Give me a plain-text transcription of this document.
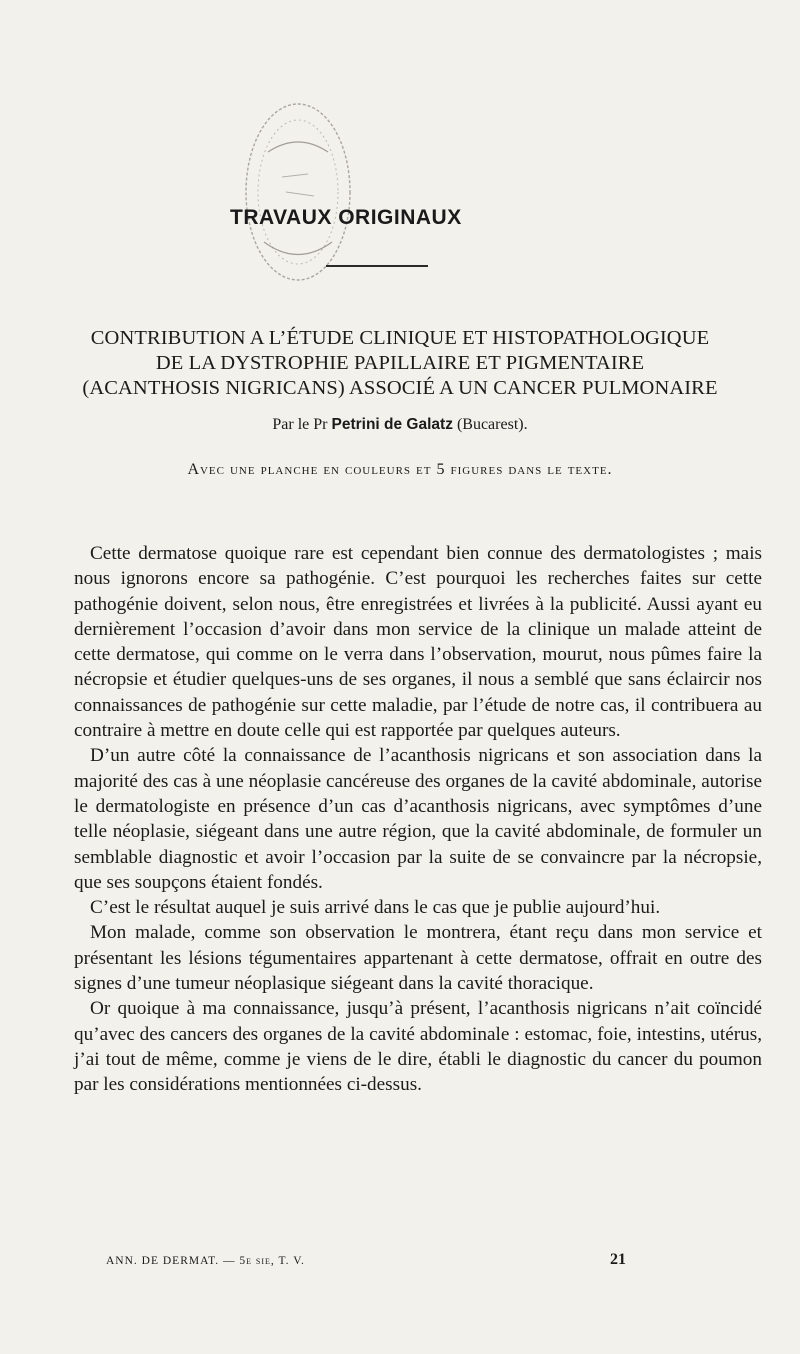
TRAVAUX ORIGINAUX
CONTRIBUTION A L’ÉTUDE CLINIQUE ET HISTOPATHOLOGIQUE
DE LA DYSTROPHIE PAPILLAIRE ET PIGMENTAIRE
(ACANTHOSIS NIGRICANS) ASSOCIÉ A UN CANCER PULMONAIRE
Par le Pr Petrini de Galatz (Bucarest).
Avec une planche en couleurs et 5 figures dans le texte.

Cette dermatose quoique rare est cependant bien connue des dermatologistes ; mais nous ignorons encore sa pathogénie. C’est pourquoi les recherches faites sur cette pathogénie doivent, selon nous, être enregistrées et livrées à la publicité. Aussi ayant eu dernièrement l’occasion d’avoir dans mon service de la clinique un malade atteint de cette dermatose, qui comme on le verra dans l’observation, mourut, nous pûmes faire la nécropsie et étudier quelques-uns de ses organes, il nous a semblé que sans éclaircir nos connaissances de pathogénie sur cette maladie, par l’étude de notre cas, il contribuera au contraire à mettre en doute celle qui est rapportée par quelques auteurs.

D’un autre côté la connaissance de l’acanthosis nigricans et son association dans la majorité des cas à une néoplasie cancéreuse des organes de la cavité abdominale, autorise le dermatologiste en présence d’un cas d’acanthosis nigricans, avec symptômes d’une telle néoplasie, siégeant dans une autre région, que la cavité abdominale, de formuler un semblable diagnostic et avoir l’occasion par la suite de se convaincre par la nécropsie, que ses soupçons étaient fondés.

C’est le résultat auquel je suis arrivé dans le cas que je publie aujourd’hui.

Mon malade, comme son observation le montrera, étant reçu dans mon service et présentant les lésions tégumentaires appartenant à cette dermatose, offrait en outre des signes d’une tumeur néoplasique siégeant dans la cavité thoracique.

Or quoique à ma connaissance, jusqu’à présent, l’acanthosis nigricans n’ait coïncidé qu’avec des cancers des organes de la cavité abdominale : estomac, foie, intestins, utérus, j’ai tout de même, comme je viens de le dire, établi le diagnostic du cancer du poumon par les considérations mentionnées ci-dessus.

ANN. DE DERMAT. — 5e sie, T. V.	21
